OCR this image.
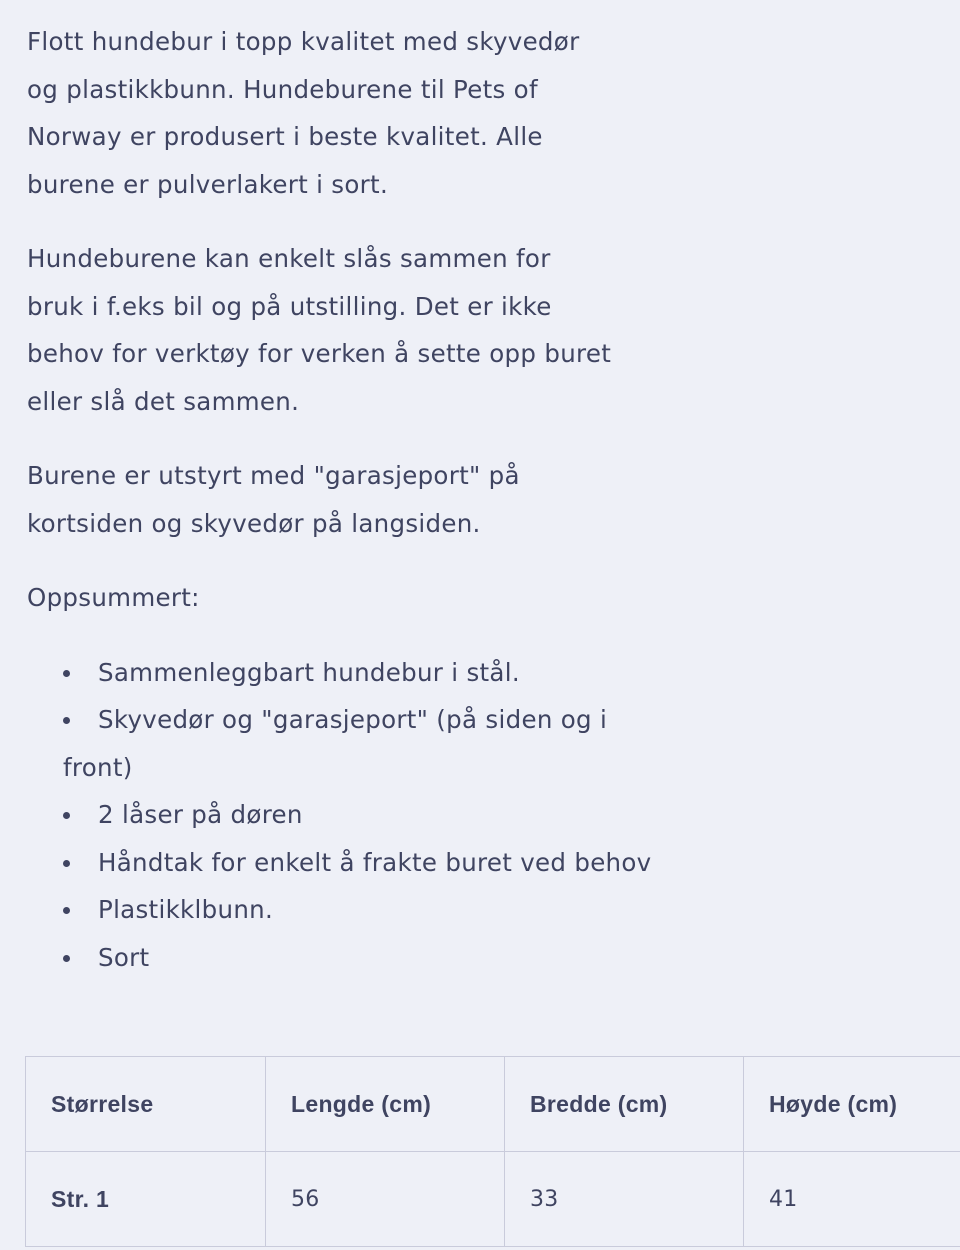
Flott hundebur i topp kvalitet med skyvedør
og plastikkbunn. Hundeburene til Pets of
Norway er produsert i beste kvalitet. Alle
burene er pulverlakert i sort.

Hundeburene kan enkelt slås sammen for
bruk i f.eks bil og på utstilling. Det er ikke
behov for verktøy for verken å sette opp buret
eller slå det sammen.

Burene er utstyrt med "garasjeport" på
kortsiden og skyvedør på langsiden.

Oppsummert:

Sammenleggbart hundebur i stål.
Skyvedør og "garasjeport" (på siden og i front)
2 låser på døren
Håndtak for enkelt å frakte buret ved behov
Plastikklbunn.
Sort
Størrelse	Lengde (cm)	Bredde (cm)	Høyde (cm)
Str. 1	56	33	41
